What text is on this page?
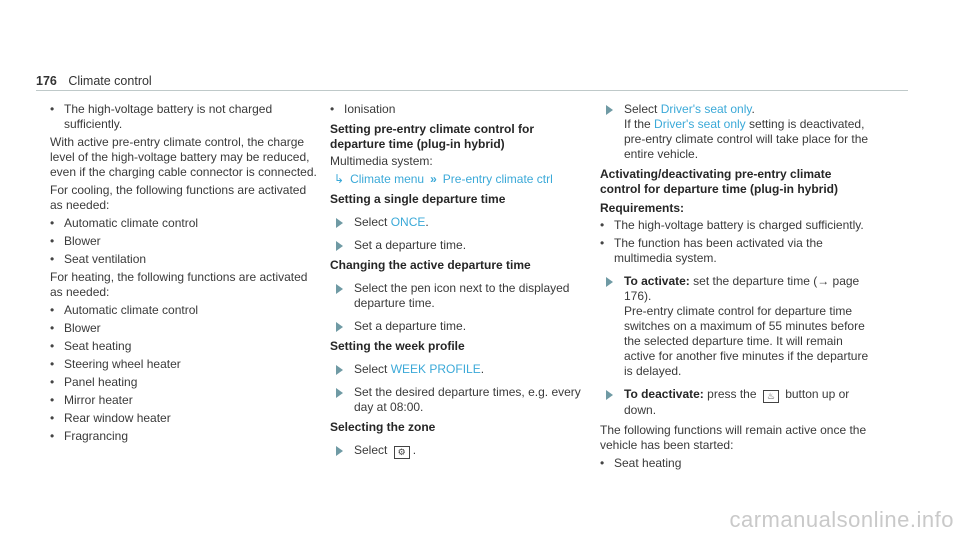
176 Climate control
• The high-voltage battery is not charged sufficiently.

With active pre-entry climate control, the charge level of the high-voltage battery may be reduced, even if the charging cable connector is connected.

For cooling, the following functions are activated as needed:

• Automatic climate control
• Blower
• Seat ventilation

For heating, the following functions are activated as needed:

• Automatic climate control
• Blower
• Seat heating
• Steering wheel heater
• Panel heating
• Mirror heater
• Rear window heater
• Fragrancing
• Ionisation
Setting pre-entry climate control for departure time (plug-in hybrid)

Multimedia system:

↳ Climate menu » Pre-entry climate ctrl
Setting a single departure time
Select ONCE.
Set a departure time.
Changing the active departure time
Select the pen icon next to the displayed departure time.
Set a departure time.
Setting the week profile
Select WEEK PROFILE.
Set the desired departure times, e.g. every day at 08:00.
Selecting the zone
Select ⚙ .
Select Driver's seat only.
If the Driver's seat only setting is deactivated, pre-entry climate control will take place for the entire vehicle.
Activating/deactivating pre-entry climate control for departure time (plug-in hybrid)
Requirements:
• The high-voltage battery is charged sufficiently.
• The function has been activated via the multimedia system.
To activate: set the departure time (→ page 176).
Pre-entry climate control for departure time switches on a maximum of 55 minutes before the selected departure time. It will remain active for another five minutes if the departure is delayed.
To deactivate: press the ♨ button up or down.

The following functions will remain active once the vehicle has been started:

• Seat heating
carmanualsonline.info
